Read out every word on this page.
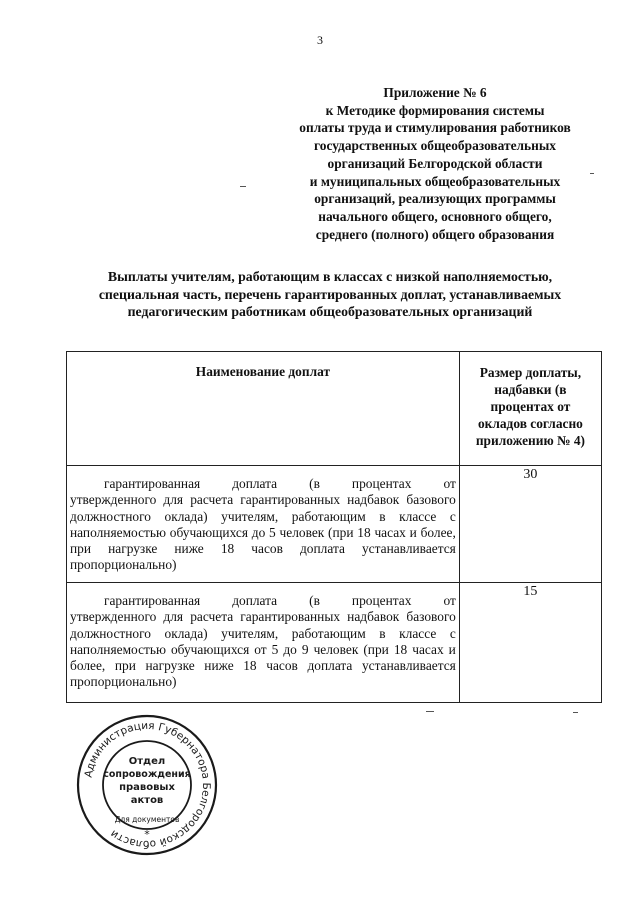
3
Приложение № 6
к Методике формирования системы
оплаты труда и стимулирования работников
государственных общеобразовательных
организаций Белгородской области
и муниципальных общеобразовательных
организаций, реализующих программы
начального общего, основного общего,
среднего (полного) общего образования
Выплаты учителям, работающим в классах с низкой наполняемостью,
специальная часть, перечень гарантированных доплат, устанавливаемых
педагогическим работникам общеобразовательных организаций
Наименование доплат	Размер доплаты,
надбавки (в
процентах от
окладов согласно
приложению № 4)

гарантированная доплата (в процентах от
утвержденного для расчета гарантированных надбавок базового должностного оклада) учителям, работающим в классе с наполняемостью обучающихся до 5 человек (при 18 часах и более, при нагрузке ниже 18 часов доплата устанавливается пропорционально)	30

гарантированная доплата (в процентах от
утвержденного для расчета гарантированных надбавок базового должностного оклада) учителям, работающим в классе с наполняемостью обучающихся от 5 до 9 человек (при 18 часах и более, при нагрузке ниже 18 часов доплата устанавливается пропорционально)	15
Администрация Губернатора Белгородской области
Отдел
сопровождения
правовых
актов
Для документов
*
